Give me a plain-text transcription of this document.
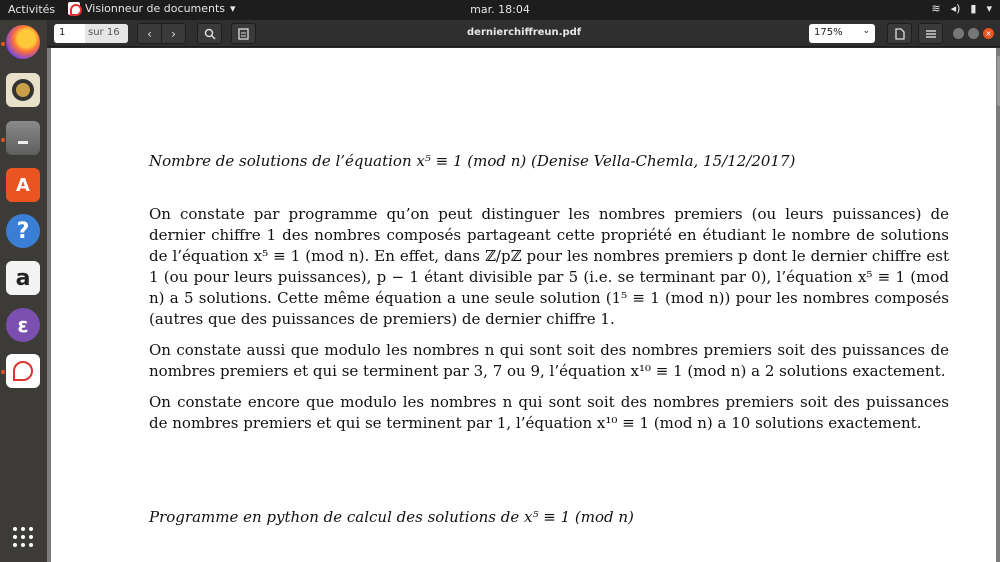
Activités	Visionneur de documents ▾	mar. 18:04	≋ ◂) ▮ ▾
A
?
a
ε
1	sur 16	‹ ›	dernierchiffreun.pdf	175% ⌄	×
Nombre de solutions de l’équation x⁵ ≡ 1 (mod n) (Denise Vella-Chemla, 15/12/2017)
On constate par programme qu’on peut distinguer les nombres premiers (ou leurs puissances) de dernier chiffre 1 des nombres composés partageant cette propriété en étudiant le nombre de solutions de l’équation x⁵ ≡ 1 (mod n). En effet, dans ℤ/pℤ pour les nombres premiers p dont le dernier chiffre est 1 (ou pour leurs puissances), p − 1 étant divisible par 5 (i.e. se terminant par 0), l’équation x⁵ ≡ 1 (mod n) a 5 solutions. Cette même équation a une seule solution (1⁵ ≡ 1 (mod n)) pour les nombres composés (autres que des puissances de premiers) de dernier chiffre 1.
On constate aussi que modulo les nombres n qui sont soit des nombres premiers soit des puissances de nombres premiers et qui se terminent par 3, 7 ou 9, l’équation x¹⁰ ≡ 1 (mod n) a 2 solutions exactement.
On constate encore que modulo les nombres n qui sont soit des nombres premiers soit des puissances de nombres premiers et qui se terminent par 1, l’équation x¹⁰ ≡ 1 (mod n) a 10 solutions exactement.
Programme en python de calcul des solutions de x⁵ ≡ 1 (mod n)
